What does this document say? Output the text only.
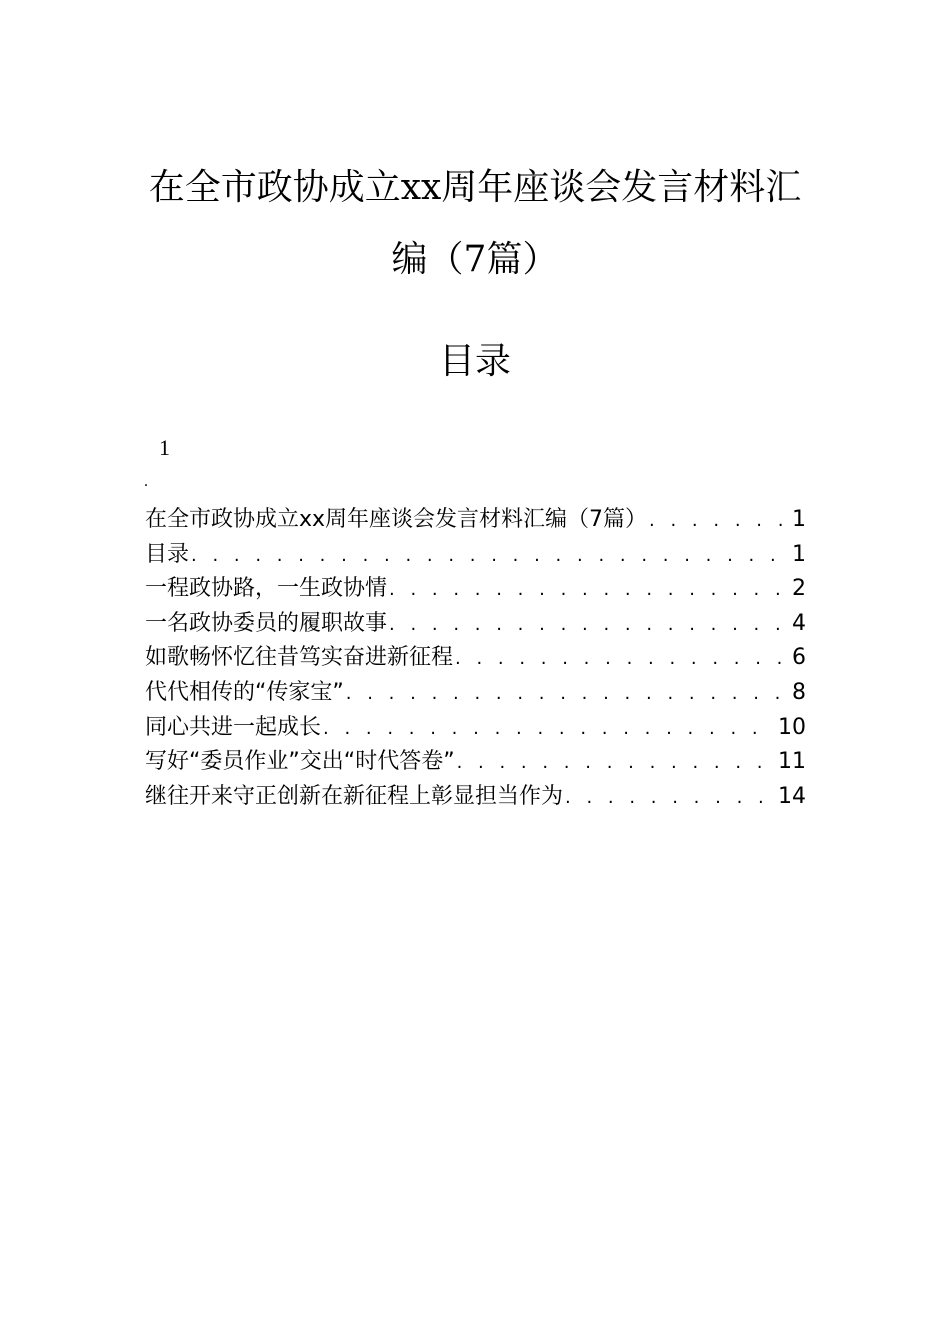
在全市政协成立xx周年座谈会发言材料汇
编（7篇）
目录
1
.
在全市政协成立xx周年座谈会发言材料汇编（7篇） . . .	1
目录 . . .	1
一程政协路，一生政协情 . . .	2
一名政协委员的履职故事 . . .	4
如歌畅怀忆往昔笃实奋进新征程 . . .	6
代代相传的“传家宝” . . .	8
同心共进一起成长 . . .	10
写好“委员作业”交出“时代答卷” . . .	11
继往开来守正创新在新征程上彰显担当作为 . . .	14
